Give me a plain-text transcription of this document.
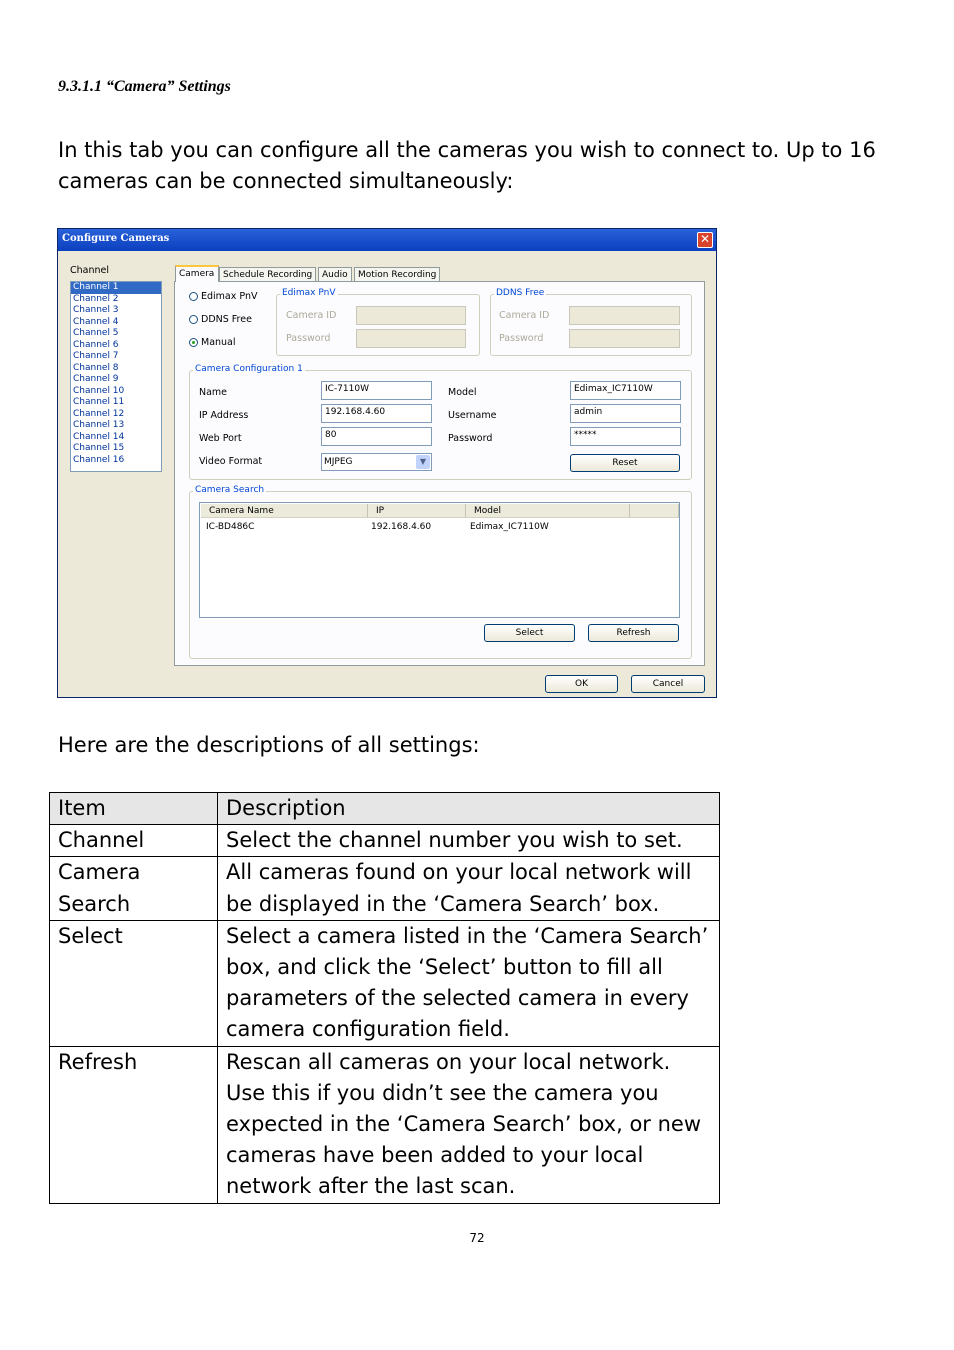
9.3.1.1 “Camera” Settings
In this tab you can configure all the cameras you wish to connect to. Up to 16 cameras can be connected simultaneously:
Configure Cameras	✕
Channel
Channel 1
Channel 2
Channel 3
Channel 4
Channel 5
Channel 6
Channel 7
Channel 8
Channel 9
Channel 10
Channel 11
Channel 12
Channel 13
Channel 14
Channel 15
Channel 16
Camera Schedule Recording	Audio	Motion Recording
Edimax PnV
DDNS Free
Manual
Edimax PnV
Camera ID
Password
DDNS Free
Camera ID
Password
Camera Configuration 1
Name	IC-7110W
IP Address	192.168.4.60
Web Port	80
Video Format	MJPEG	▼
Model	Edimax_IC7110W
Username	admin
Password	*****
Reset
Camera Search
Camera Name	IP	Model
IC-BD486C	192.168.4.60	Edimax_IC7110W
Select	Refresh
OK	Cancel
Here are the descriptions of all settings:
Item	Description
Channel	Select the channel number you wish to set.
Camera Search	All cameras found on your local network will be displayed in the ‘Camera Search’ box.
Select	Select a camera listed in the ‘Camera Search’ box, and click the ‘Select’ button to fill all parameters of the selected camera in every camera configuration field.
Refresh	Rescan all cameras on your local network. Use this if you didn’t see the camera you expected in the ‘Camera Search’ box, or new cameras have been added to your local network after the last scan.
72
